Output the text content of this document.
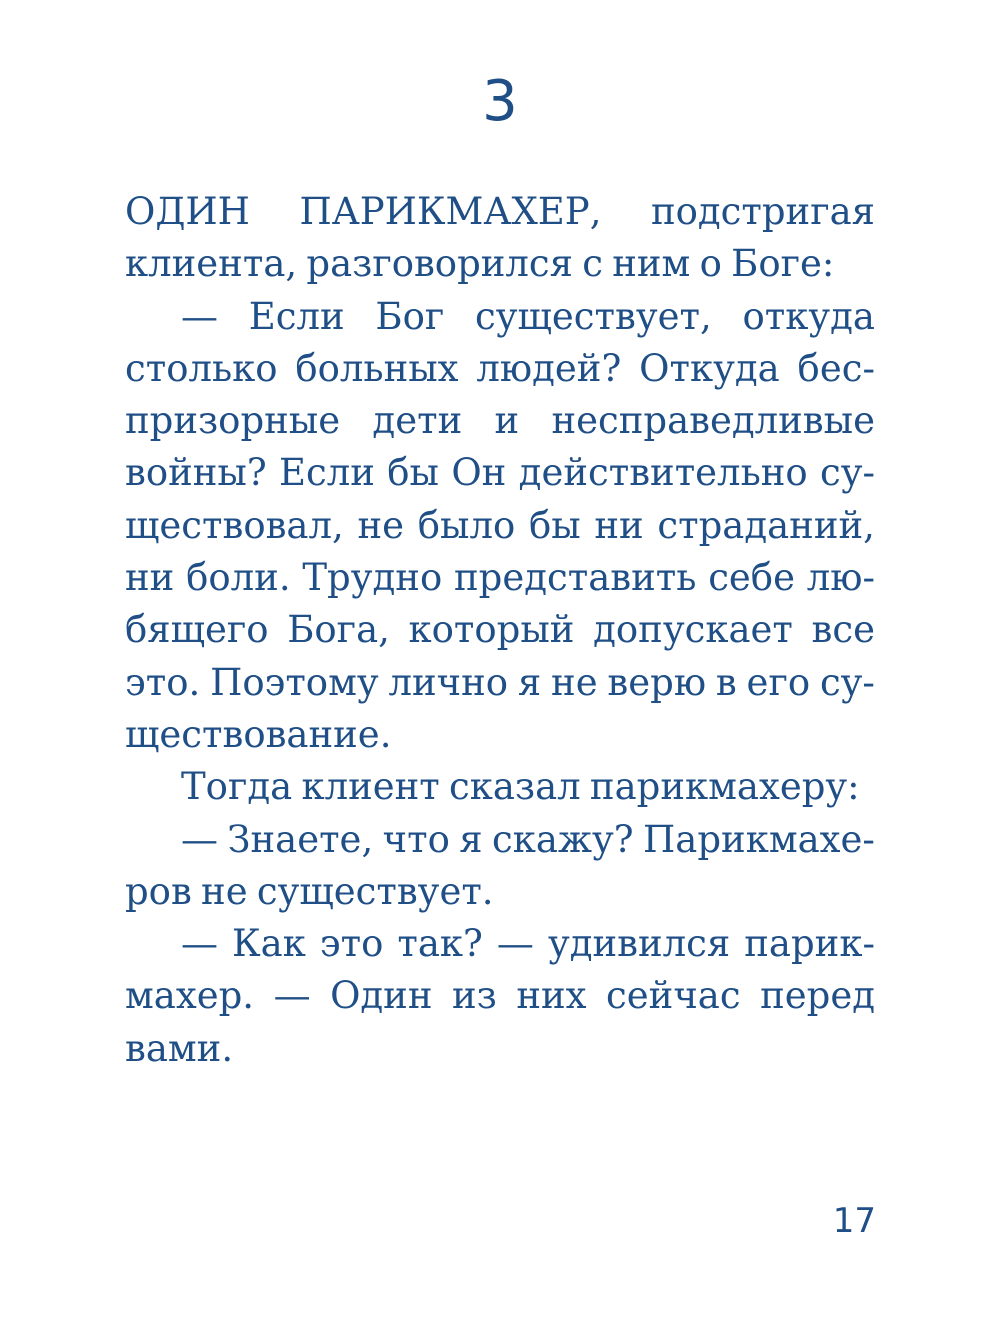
3
ОДИН ПАРИКМАХЕР, подстригая
клиента, разговорился с ним о Боге:
— Если Бог существует, откуда
столько больных людей? Откуда бес-
призорные дети и несправедливые
войны? Если бы Он действительно су-
ществовал, не было бы ни страданий,
ни боли. Трудно представить себе лю-
бящего Бога, который допускает все
это. Поэтому лично я не верю в его су-
ществование.
Тогда клиент сказал парикмахеру:
— Знаете, что я скажу? Парикмахе-
ров не существует.
— Как это так? — удивился парик-
махер. — Один из них сейчас перед
вами.
17
